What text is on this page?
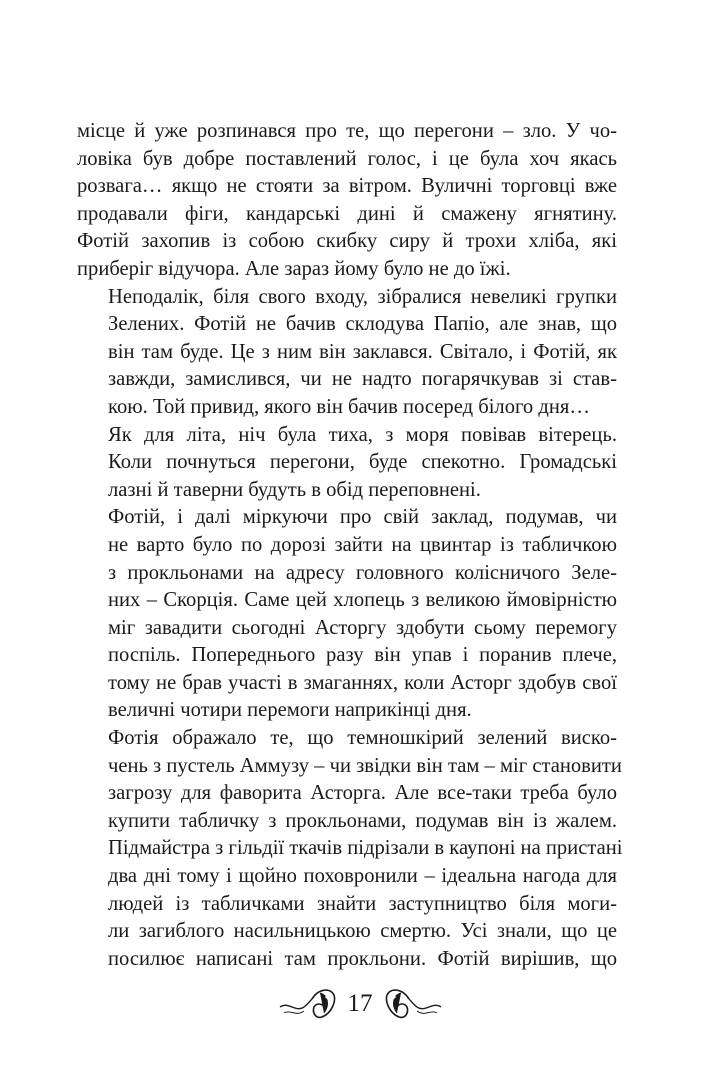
місце й уже розпинався про те, що перегони – зло. У чо-
ловіка був добре поставлений голос, і це була хоч якась
розвага… якщо не стояти за вітром. Вуличні торговці вже
продавали фіги, кандарські дині й смажену ягнятину.
Фотій захопив із собою скибку сиру й трохи хліба, які
приберіг відучора. Але зараз йому було не до їжі.

Неподалік, біля свого входу, зібралися невеликі групки
Зелених. Фотій не бачив склодува Папіо, але знав, що
він там буде. Це з ним він заклався. Світало, і Фотій, як
завжди, замислився, чи не надто погарячкував зі став-
кою. Той привид, якого він бачив посеред білого дня…

Як для літа, ніч була тиха, з моря повівав вітерець.
Коли почнуться перегони, буде спекотно. Громадські
лазні й таверни будуть в обід переповнені.

Фотій, і далі міркуючи про свій заклад, подумав, чи
не варто було по дорозі зайти на цвинтар із табличкою
з прокльонами на адресу головного колісничого Зеле-
них – Скорція. Саме цей хлопець з великою ймовірністю
міг завадити сьогодні Асторгу здобути сьому перемогу
поспіль. Попереднього разу він упав і поранив плече,
тому не брав участі в змаганнях, коли Асторг здобув свої
величні чотири перемоги наприкінці дня.

Фотія ображало те, що темношкірий зелений виско-
чень з пустель Аммузу – чи звідки він там – міг становити
загрозу для фаворита Асторга. Але все-таки треба було
купити табличку з прокльонами, подумав він із жалем.
Підмайстра з гільдії ткачів підрізали в каупоні на пристані
два дні тому і щойно поховронили – ідеальна нагода для
людей із табличками знайти заступництво біля моги-
ли загиблого насильницькою смертю. Усі знали, що це
посилює написані там прокльони. Фотій вирішив, що

17
